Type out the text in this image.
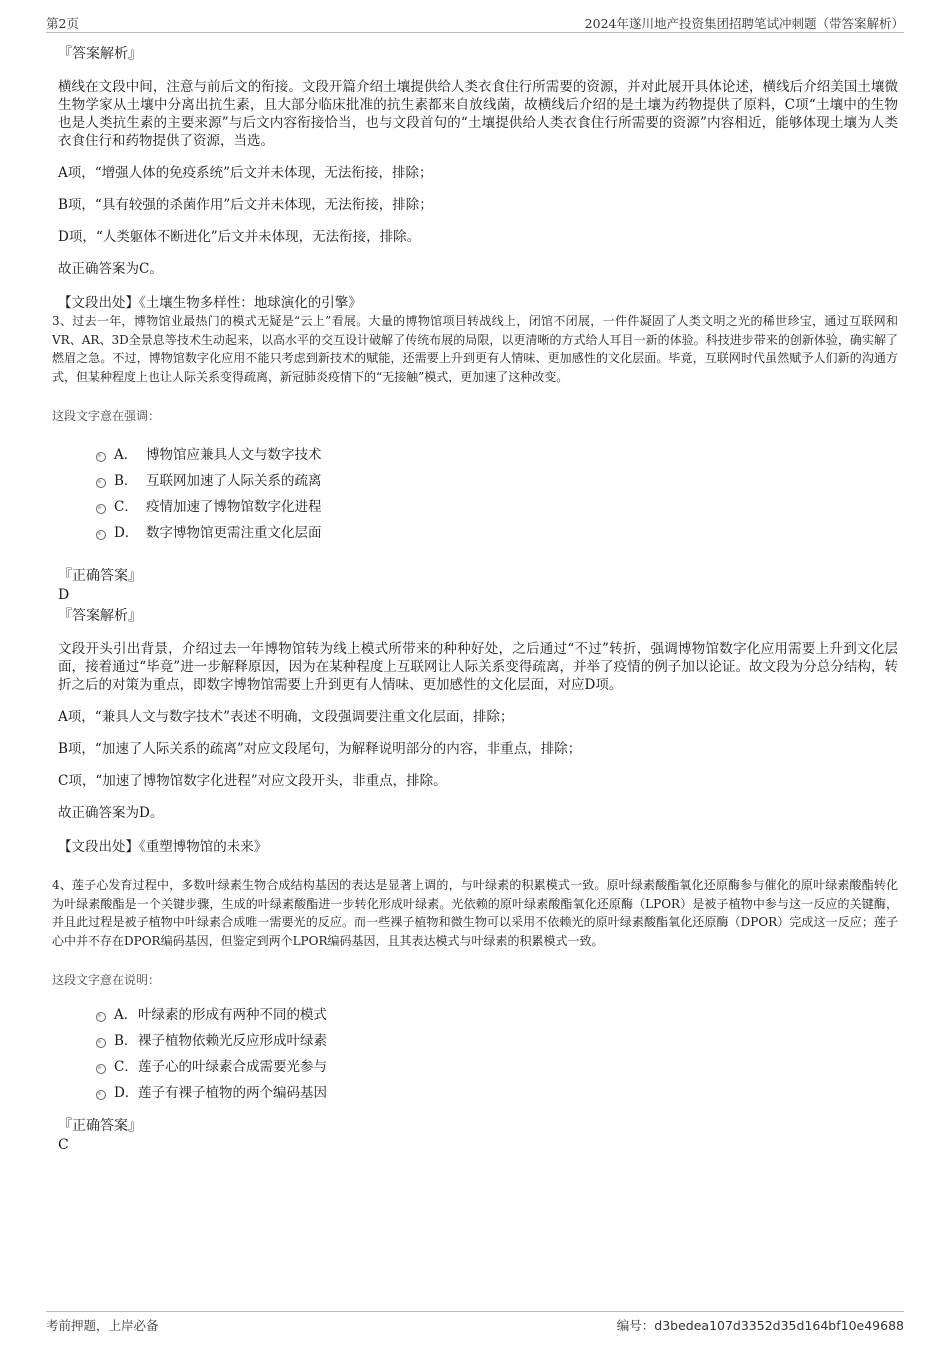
第2页	2024年遂川地产投资集团招聘笔试冲刺题（带答案解析）
『答案解析』

横线在文段中间，注意与前后文的衔接。文段开篇介绍土壤提供给人类衣食住行所需要的资源，并对此展开具体论述，横线后介绍美国土壤微生物学家从土壤中分离出抗生素，且大部分临床批准的抗生素都来自放线菌，故横线后介绍的是土壤为药物提供了原料，C项“土壤中的生物也是人类抗生素的主要来源”与后文内容衔接恰当，也与文段首句的“土壤提供给人类衣食住行所需要的资源”内容相近，能够体现土壤为人类衣食住行和药物提供了资源，当选。

A项，“增强人体的免疫系统”后文并未体现，无法衔接，排除；

B项，“具有较强的杀菌作用”后文并未体现，无法衔接，排除；

D项，“人类躯体不断进化”后文并未体现，无法衔接，排除。

故正确答案为C。

【文段出处】《土壤生物多样性：地球演化的引擎》

3、过去一年，博物馆业最热门的模式无疑是“云上”看展。大量的博物馆项目转战线上，闭馆不闭展，一件件凝固了人类文明之光的稀世珍宝，通过互联网和VR、AR、3D全景息等技术生动起来，以高水平的交互设计破解了传统布展的局限，以更清晰的方式给人耳目一新的体验。科技进步带来的创新体验，确实解了燃眉之急。不过，博物馆数字化应用不能只考虑到新技术的赋能，还需要上升到更有人情味、更加感性的文化层面。毕竟，互联网时代虽然赋予人们新的沟通方式，但某种程度上也让人际关系变得疏离，新冠肺炎疫情下的“无接触”模式，更加速了这种改变。

这段文字意在强调：

A． 博物馆应兼具人文与数字技术
B． 互联网加速了人际关系的疏离
C． 疫情加速了博物馆数字化进程
D． 数字博物馆更需注重文化层面
『正确答案』
D
『答案解析』

文段开头引出背景，介绍过去一年博物馆转为线上模式所带来的种种好处，之后通过“不过”转折，强调博物馆数字化应用需要上升到文化层面，接着通过“毕竟”进一步解释原因，因为在某种程度上互联网让人际关系变得疏离，并举了疫情的例子加以论证。故文段为分总分结构，转折之后的对策为重点，即数字博物馆需要上升到更有人情味、更加感性的文化层面，对应D项。

A项，“兼具人文与数字技术”表述不明确，文段强调要注重文化层面，排除；

B项，“加速了人际关系的疏离”对应文段尾句，为解释说明部分的内容，非重点，排除；

C项，“加速了博物馆数字化进程”对应文段开头，非重点，排除。

故正确答案为D。

【文段出处】《重塑博物馆的未来》

4、莲子心发育过程中，多数叶绿素生物合成结构基因的表达是显著上调的，与叶绿素的积累模式一致。原叶绿素酸酯氧化还原酶参与催化的原叶绿素酸酯转化为叶绿素酸酯是一个关键步骤，生成的叶绿素酸酯进一步转化形成叶绿素。光依赖的原叶绿素酸酯氧化还原酶（LPOR）是被子植物中参与这一反应的关键酶，并且此过程是被子植物中叶绿素合成唯一需要光的反应。而一些裸子植物和微生物可以采用不依赖光的原叶绿素酸酯氧化还原酶（DPOR）完成这一反应；莲子心中并不存在DPOR编码基因，但鉴定到两个LPOR编码基因，且其表达模式与叶绿素的积累模式一致。

这段文字意在说明：

A．叶绿素的形成有两种不同的模式
B．裸子植物依赖光反应形成叶绿素
C．莲子心的叶绿素合成需要光参与
D．莲子有裸子植物的两个编码基因
『正确答案』
C
考前押题，上岸必备	编号：d3bedea107d3352d35d164bf10e49688
